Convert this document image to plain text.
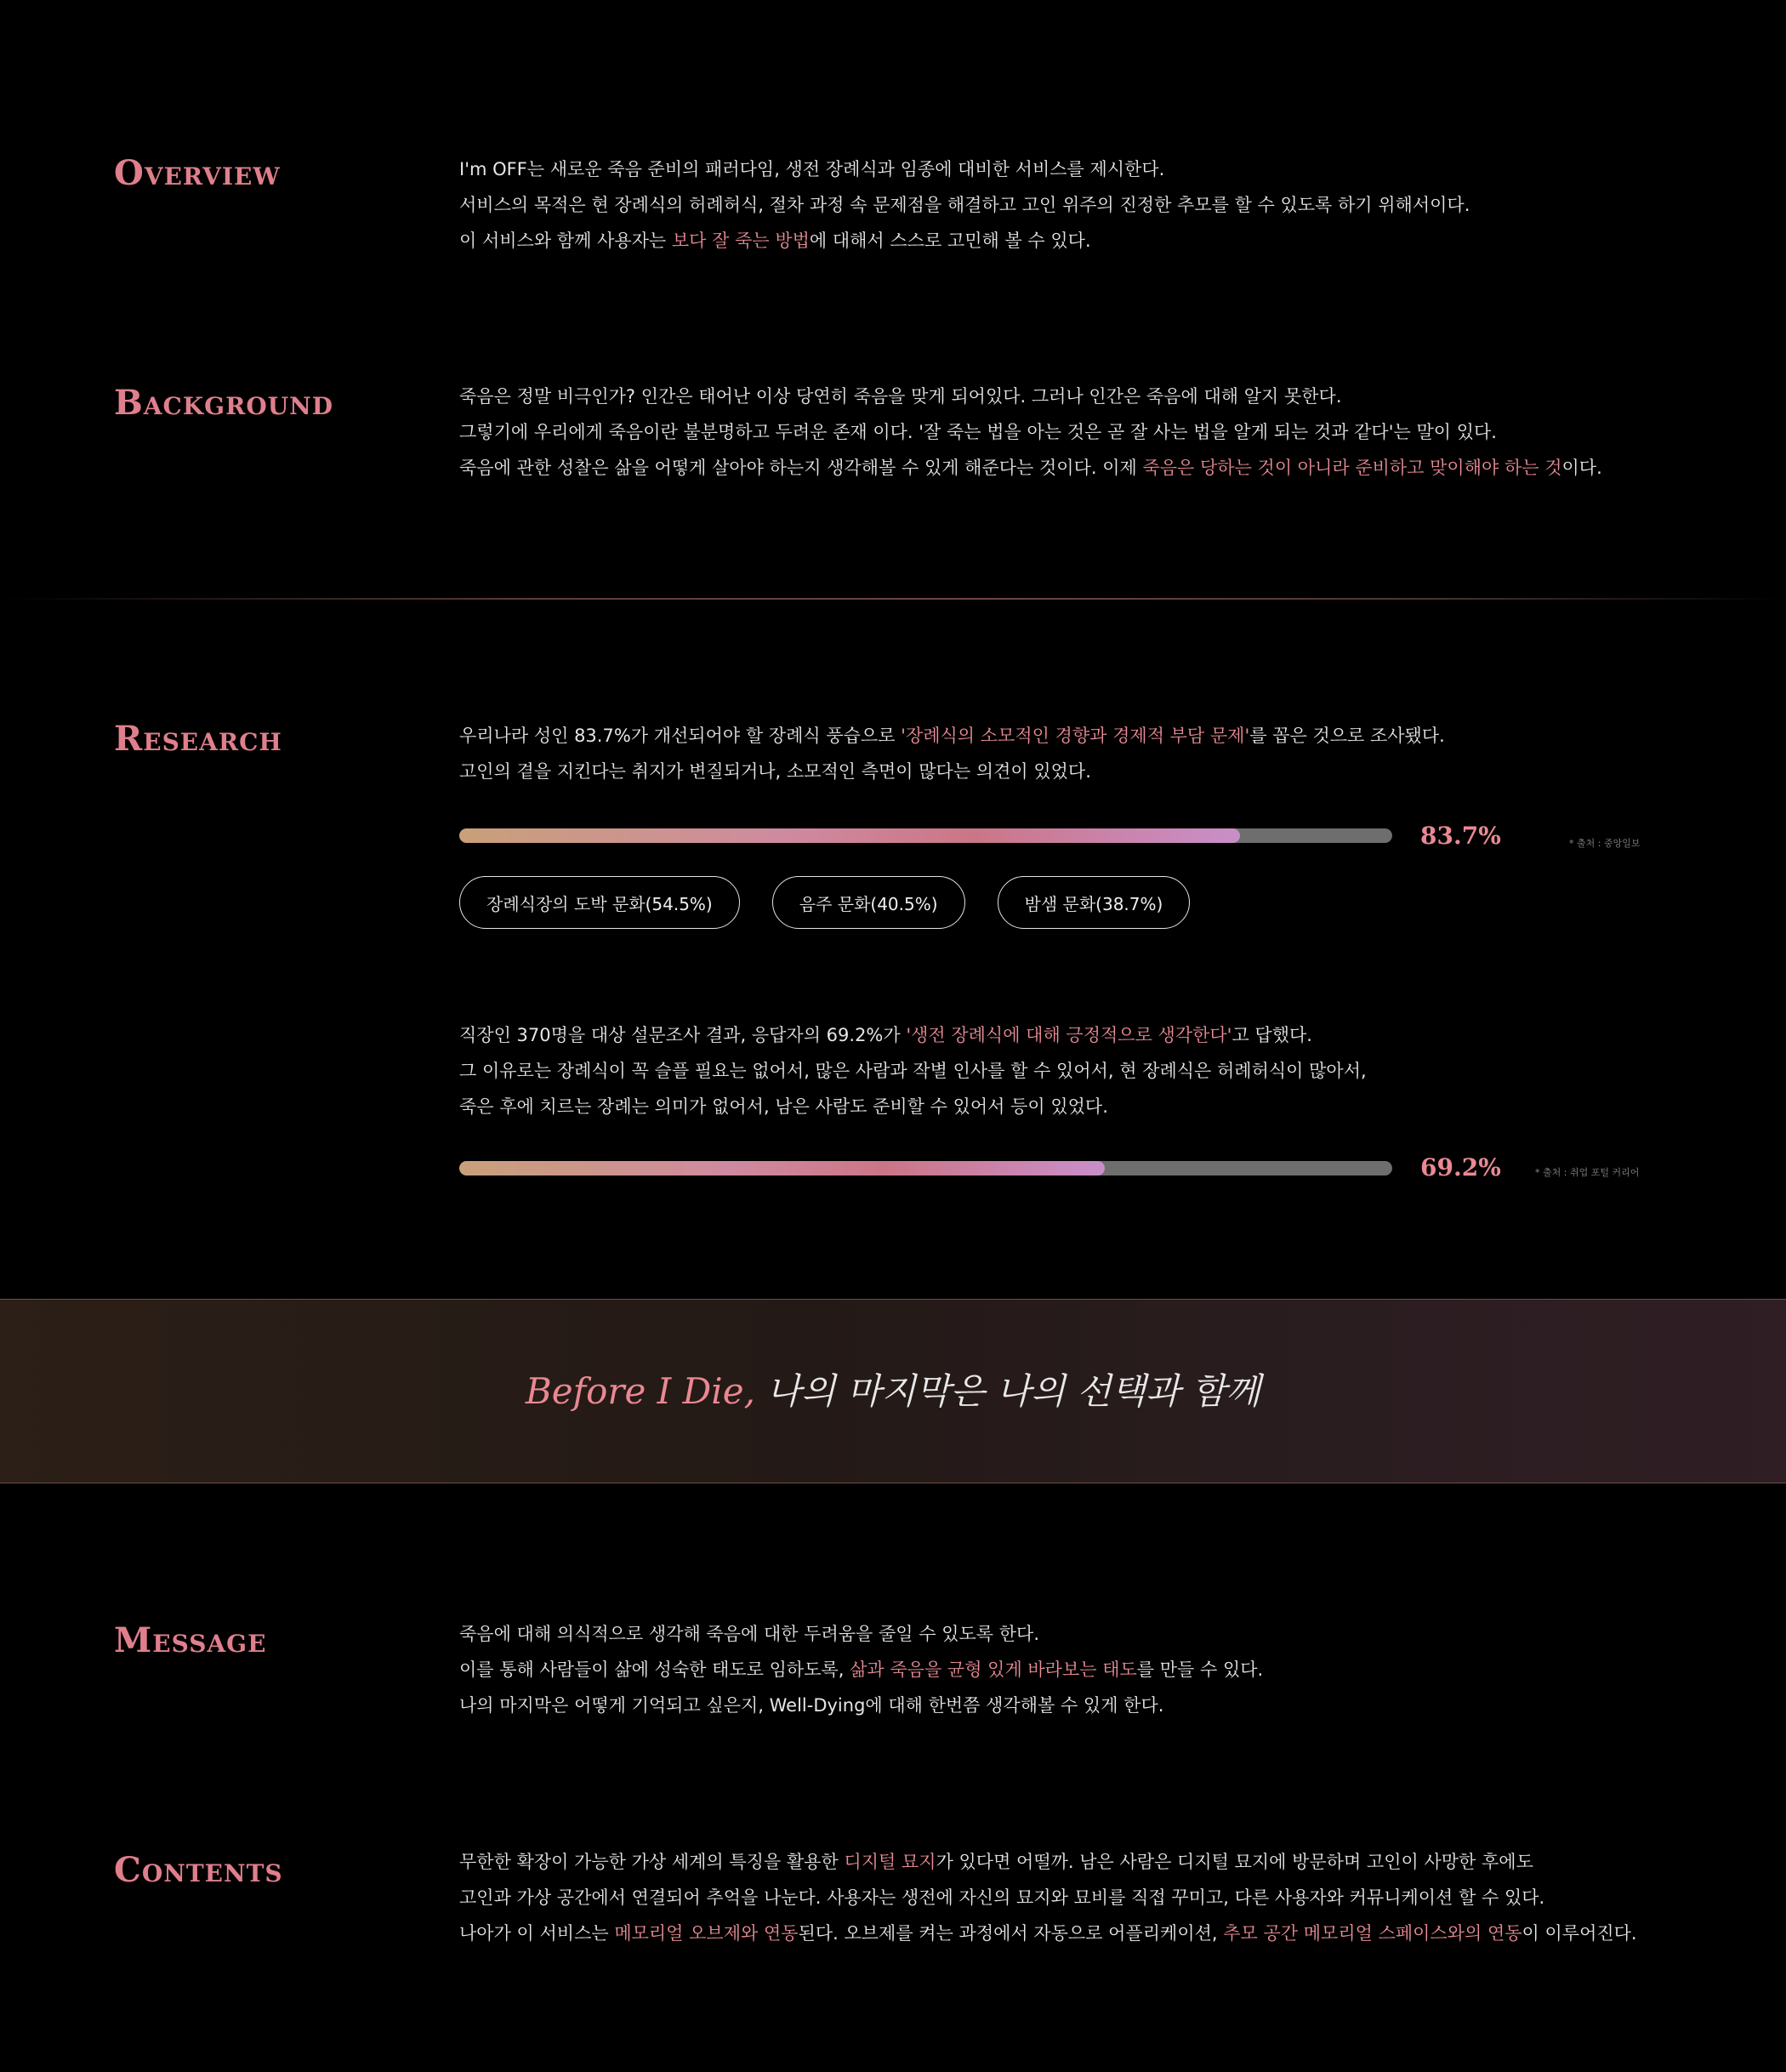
Overview	I'm OFF는 새로운 죽음 준비의 패러다임, 생전 장례식과 임종에 대비한 서비스를 제시한다.
서비스의 목적은 현 장례식의 허례허식, 절차 과정 속 문제점을 해결하고 고인 위주의 진정한 추모를 할 수 있도록 하기 위해서이다.
이 서비스와 함께 사용자는 보다 잘 죽는 방법에 대해서 스스로 고민해 볼 수 있다.
Background	죽음은 정말 비극인가? 인간은 태어난 이상 당연히 죽음을 맞게 되어있다. 그러나 인간은 죽음에 대해 알지 못한다.
그렇기에 우리에게 죽음이란 불분명하고 두려운 존재 이다. '잘 죽는 법을 아는 것은 곧 잘 사는 법을 알게 되는 것과 같다'는 말이 있다.
죽음에 관한 성찰은 삶을 어떻게 살아야 하는지 생각해볼 수 있게 해준다는 것이다. 이제 죽음은 당하는 것이 아니라 준비하고 맞이해야 하는 것이다.
Research	우리나라 성인 83.7%가 개선되어야 할 장례식 풍습으로 '장례식의 소모적인 경향과 경제적 부담 문제'를 꼽은 것으로 조사됐다.
고인의 곁을 지킨다는 취지가 변질되거나, 소모적인 측면이 많다는 의견이 있었다.
83.7%	* 출처 : 중앙일보
장례식장의 도박 문화(54.5%)	음주 문화(40.5%)	밤샘 문화(38.7%)
직장인 370명을 대상 설문조사 결과, 응답자의 69.2%가 '생전 장례식에 대해 긍정적으로 생각한다'고 답했다.
그 이유로는 장례식이 꼭 슬플 필요는 없어서, 많은 사람과 작별 인사를 할 수 있어서, 현 장례식은 허례허식이 많아서,
죽은 후에 치르는 장례는 의미가 없어서, 남은 사람도 준비할 수 있어서 등이 있었다.
69.2%	* 출처 : 취업 포털 커리어
Before I Die, 나의 마지막은 나의 선택과 함께
Message	죽음에 대해 의식적으로 생각해 죽음에 대한 두려움을 줄일 수 있도록 한다.
이를 통해 사람들이 삶에 성숙한 태도로 임하도록, 삶과 죽음을 균형 있게 바라보는 태도를 만들 수 있다.
나의 마지막은 어떻게 기억되고 싶은지, Well-Dying에 대해 한번쯤 생각해볼 수 있게 한다.
Contents	무한한 확장이 가능한 가상 세계의 특징을 활용한 디지털 묘지가 있다면 어떨까. 남은 사람은 디지털 묘지에 방문하며 고인이 사망한 후에도
고인과 가상 공간에서 연결되어 추억을 나눈다. 사용자는 생전에 자신의 묘지와 묘비를 직접 꾸미고, 다른 사용자와 커뮤니케이션 할 수 있다.
나아가 이 서비스는 메모리얼 오브제와 연동된다. 오브제를 켜는 과정에서 자동으로 어플리케이션, 추모 공간 메모리얼 스페이스와의 연동이 이루어진다.
